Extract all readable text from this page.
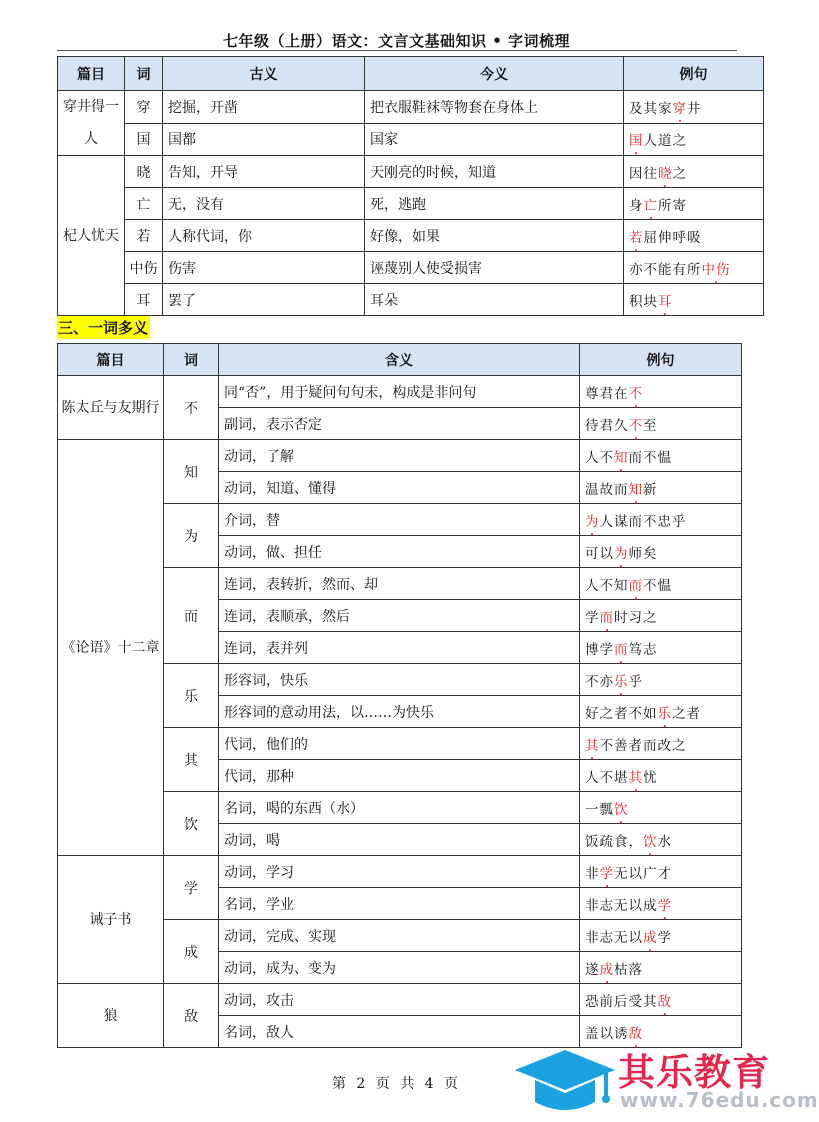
七年级（上册）语文：文言文基础知识 • 字词梳理
篇目	词	古义	今义	例句
穿井得一人	穿	挖掘，开凿	把衣服鞋袜等物套在身体上	及其家穿井
	国	国都	国家	国人道之
杞人忧天	晓	告知，开导	天刚亮的时候，知道	因往晓之
	亡	无，没有	死，逃跑	身亡所寄
	若	人称代词，你	好像，如果	若屈伸呼吸
	中伤	伤害	诬蔑别人使受损害	亦不能有所中伤
	耳	罢了	耳朵	积块耳
三、一词多义
篇目	词	含义	例句
陈太丘与友期行	不	同“否”，用于疑问句句末，构成是非问句	尊君在不
		副词，表示否定	待君久不至
《论语》十二章	知	动词，了解	人不知而不愠
		动词，知道、懂得	温故而知新
	为	介词，替	为人谋而不忠乎
		动词，做、担任	可以为师矣
	而	连词，表转折，然而、却	人不知而不愠
		连词，表顺承，然后	学而时习之
		连词，表并列	博学而笃志
	乐	形容词，快乐	不亦乐乎
		形容词的意动用法，以……为快乐	好之者不如乐之者
	其	代词，他们的	其不善者而改之
		代词，那种	人不堪其忧
	饮	名词，喝的东西（水）	一瓢饮
		动词，喝	饭疏食，饮水
诫子书	学	动词，学习	非学无以广才
		名词，学业	非志无以成学
	成	动词，完成、实现	非志无以成学
		动词，成为、变为	遂成枯落
狼	敌	动词，攻击	恐前后受其敌
		名词，敌人	盖以诱敌
第 2 页 共 4 页	其乐教育
www.76edu.com
